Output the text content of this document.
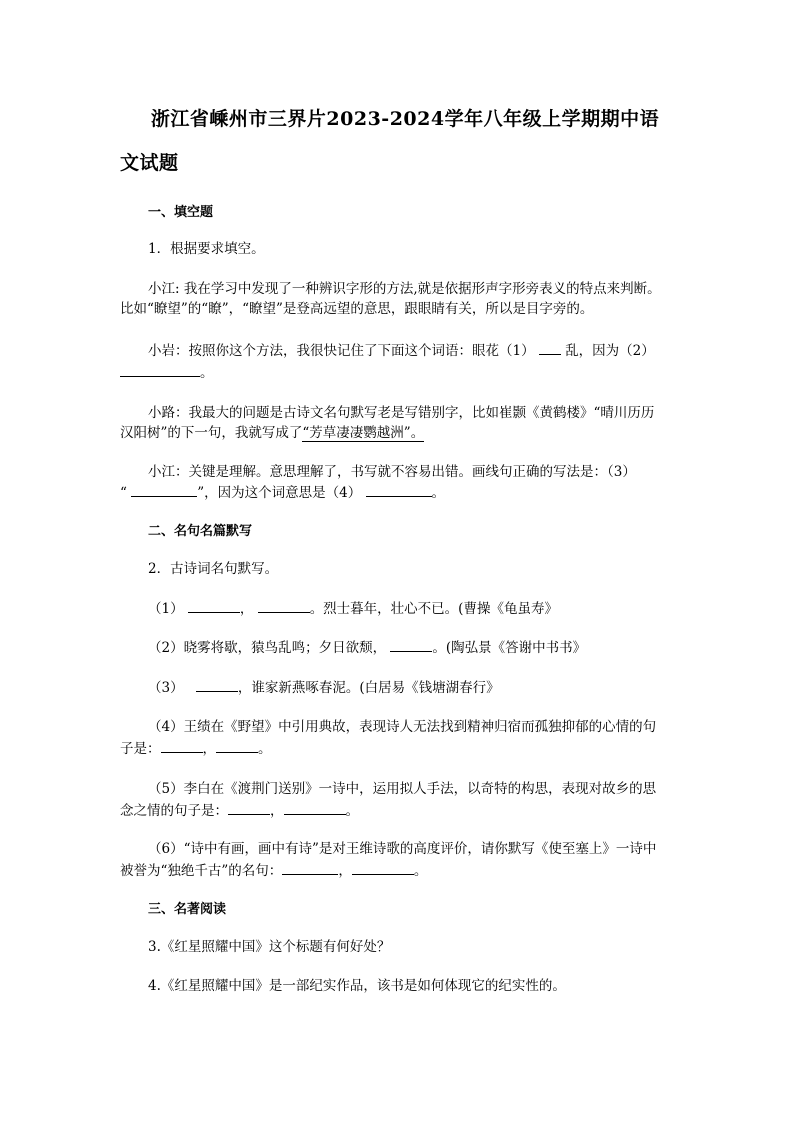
浙江省嵊州市三界片2023-2024学年八年级上学期期中语
文试题
一、填空题
1．根据要求填空。
小江: 我在学习中发现了一种辨识字形的方法,就是依据形声字形旁表义的特点来判断。
比如“瞭望”的“瞭”，“瞭望”是登高远望的意思，跟眼睛有关，所以是目字旁的。
小岩：按照你这个方法，我很快记住了下面这个词语：眼花（1） 乱，因为（2）
。
小路：我最大的问题是古诗文名句默写老是写错别字，比如崔颢《黄鹤楼》“晴川历历
汉阳树”的下一句，我就写成了“芳草凄凄鹦越洲”。
小江：关键是理解。意思理解了，书写就不容易出错。画线句正确的写法是：（3）
“	”，因为这个词意思是（4）	。
二、名句名篇默写
2．古诗词名句默写。
（1）	，	。烈士暮年，壮心不已。(曹操《龟虽寿》
（2）晓雾将歇，猿鸟乱鸣；夕日欲颓，	。(陶弘景《答谢中书书》
（3）	，谁家新燕啄春泥。(白居易《钱塘湖春行》
（4）王绩在《野望》中引用典故，表现诗人无法找到精神归宿而孤独抑郁的心情的句
子是：	，	。
（5）李白在《渡荆门送别》一诗中，运用拟人手法，以奇特的构思，表现对故乡的思
念之情的句子是：	，	。
（6）“诗中有画，画中有诗”是对王维诗歌的高度评价，请你默写《使至塞上》一诗中
被誉为“独绝千古”的名句：	，	。
三、名著阅读
3.《红星照耀中国》这个标题有何好处？
4.《红星照耀中国》是一部纪实作品，该书是如何体现它的纪实性的。
